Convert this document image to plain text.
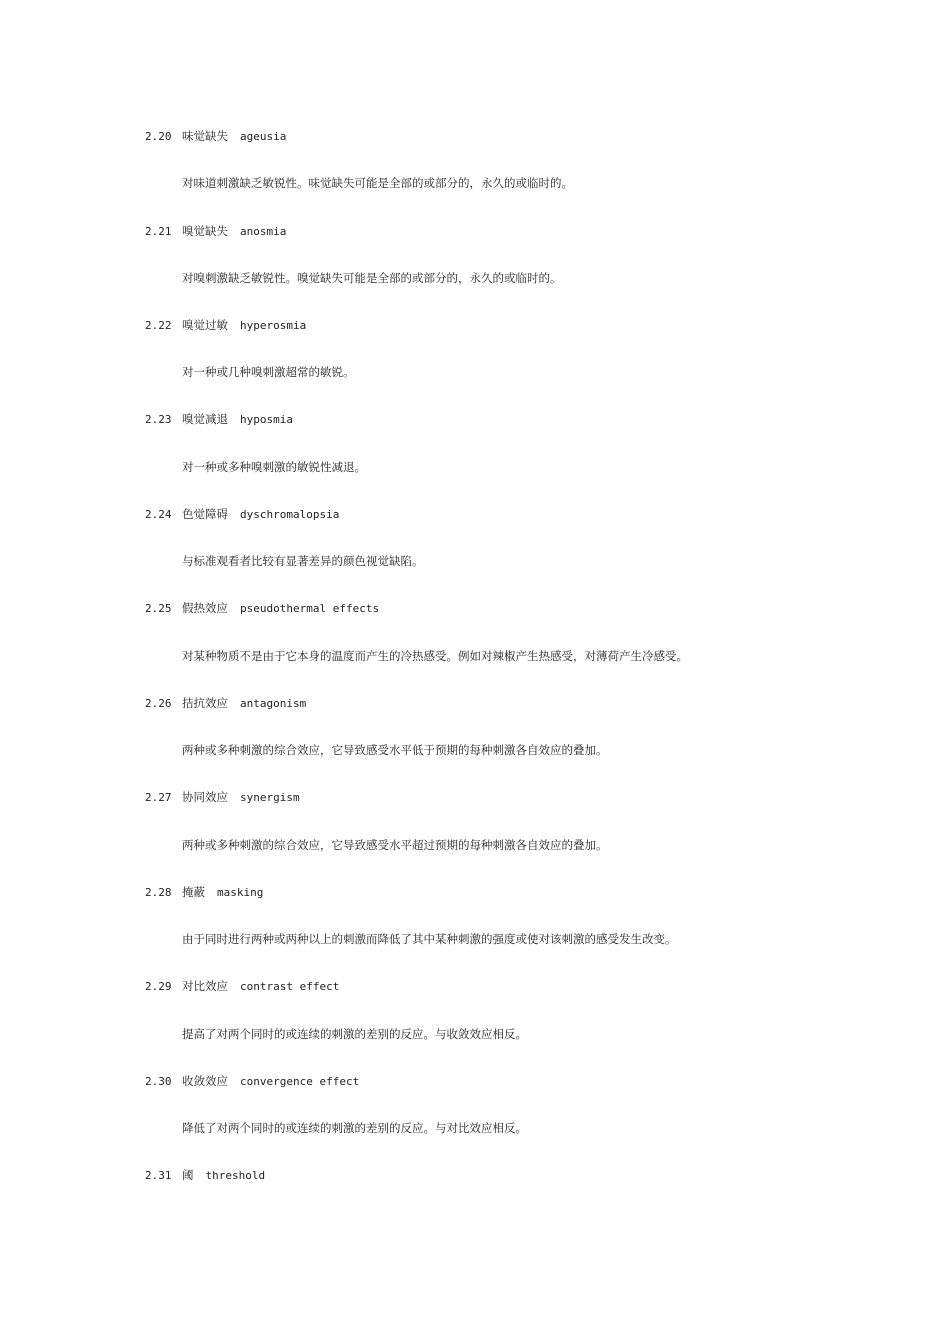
2.20 味觉缺失 ageusia
对味道刺激缺乏敏锐性。味觉缺失可能是全部的或部分的，永久的或临时的。
2.21 嗅觉缺失 anosmia
对嗅刺激缺乏敏锐性。嗅觉缺失可能是全部的或部分的，永久的或临时的。
2.22 嗅觉过敏 hyperosmia
对一种或几种嗅刺激超常的敏锐。
2.23 嗅觉减退 hyposmia
对一种或多种嗅刺激的敏锐性减退。
2.24 色觉障碍 dyschromalopsia
与标准观看者比较有显著差异的颜色视觉缺陷。
2.25 假热效应 pseudothermal effects
对某种物质不是由于它本身的温度而产生的冷热感受。例如对辣椒产生热感受，对薄荷产生冷感受。
2.26 拮抗效应 antagonism
两种或多种刺激的综合效应，它导致感受水平低于预期的每种刺激各自效应的叠加。
2.27 协同效应 synergism
两种或多种刺激的综合效应，它导致感受水平超过预期的每种刺激各自效应的叠加。
2.28 掩蔽 masking
由于同时进行两种或两种以上的刺激而降低了其中某种刺激的强度或使对该刺激的感受发生改变。
2.29 对比效应 contrast effect
提高了对两个同时的或连续的刺激的差别的反应。与收敛效应相反。
2.30 收敛效应 convergence effect
降低了对两个同时的或连续的刺激的差别的反应。与对比效应相反。
2.31 阈 threshold
